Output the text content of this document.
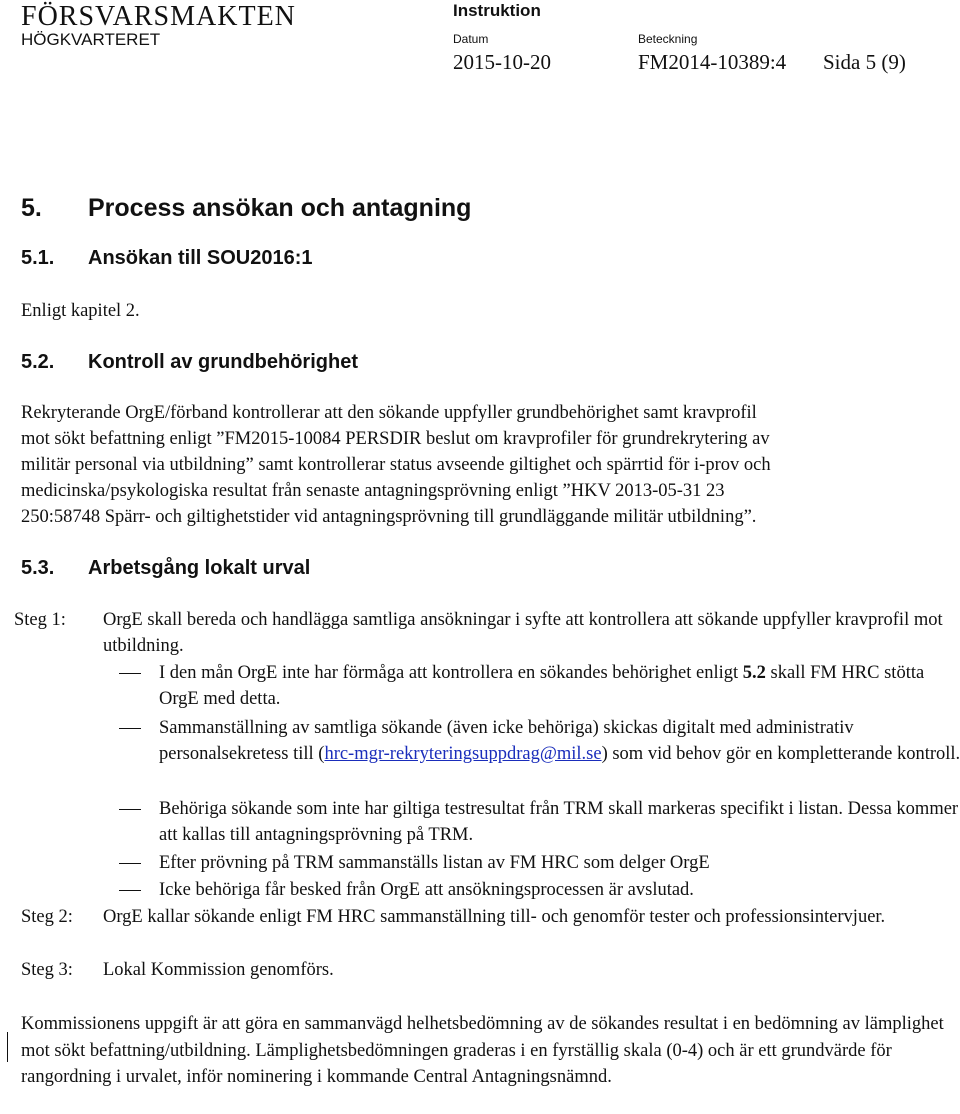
FÖRSVARSMAKTEN
HÖGKVARTERET
Instruktion
Datum	Beteckning
2015-10-20	FM2014-10389:4 Sida 5 (9)
5. Process ansökan och antagning
5.1. Ansökan till SOU2016:1
Enligt kapitel 2.
5.2. Kontroll av grundbehörighet
Rekryterande OrgE/förband kontrollerar att den sökande uppfyller grundbehörighet samt kravprofil
mot sökt befattning enligt ”FM2015-10084 PERSDIR beslut om kravprofiler för grundrekrytering av
militär personal via utbildning” samt kontrollerar status avseende giltighet och spärrtid för i-prov och
medicinska/psykologiska resultat från senaste antagningsprövning enligt ”HKV 2013-05-31 23
250:58748 Spärr- och giltighetstider vid antagningsprövning till grundläggande militär utbildning”.
5.3. Arbetsgång lokalt urval
Steg 1: OrgE skall bereda och handlägga samtliga ansökningar i syfte att kontrollera att sökande uppfyller kravprofil mot utbildning.
I den mån OrgE inte har förmåga att kontrollera en sökandes behörighet enligt 5.2 skall FM HRC stötta OrgE med detta.
Sammanställning av samtliga sökande (även icke behöriga) skickas digitalt med administrativ personalsekretess till (hrc-mgr-rekryteringsuppdrag@mil.se) som vid behov gör en kompletterande kontroll.
Behöriga sökande som inte har giltiga testresultat från TRM skall markeras specifikt i listan. Dessa kommer att kallas till antagningsprövning på TRM.
Efter prövning på TRM sammanställs listan av FM HRC som delger OrgE
Icke behöriga får besked från OrgE att ansökningsprocessen är avslutad.
Steg 2: OrgE kallar sökande enligt FM HRC sammanställning till- och genomför tester och professionsintervjuer.
Steg 3: Lokal Kommission genomförs.
Kommissionens uppgift är att göra en sammanvägd helhetsbedömning av de sökandes resultat i en bedömning av lämplighet mot sökt befattning/utbildning. Lämplighetsbedömningen graderas i en fyrställig skala (0-4) och är ett grundvärde för rangordning i urvalet, inför nominering i kommande Central Antagningsnämnd.
